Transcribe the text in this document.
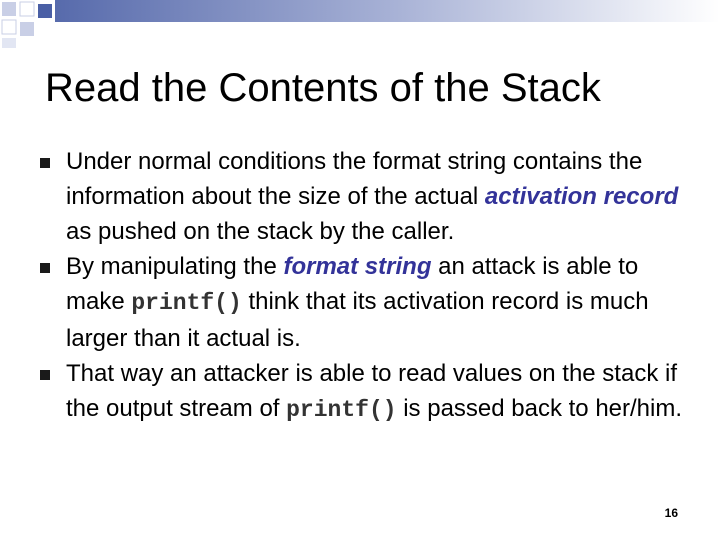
Read the Contents of the Stack
Under normal conditions the format string contains the information about the size of the actual activation record as pushed on the stack by the caller.
By manipulating the format string an attack is able to make printf() think that its activation record is much larger than it actual is.
That way an attacker is able to read values on the stack if the output stream of printf() is passed back to her/him.
16
